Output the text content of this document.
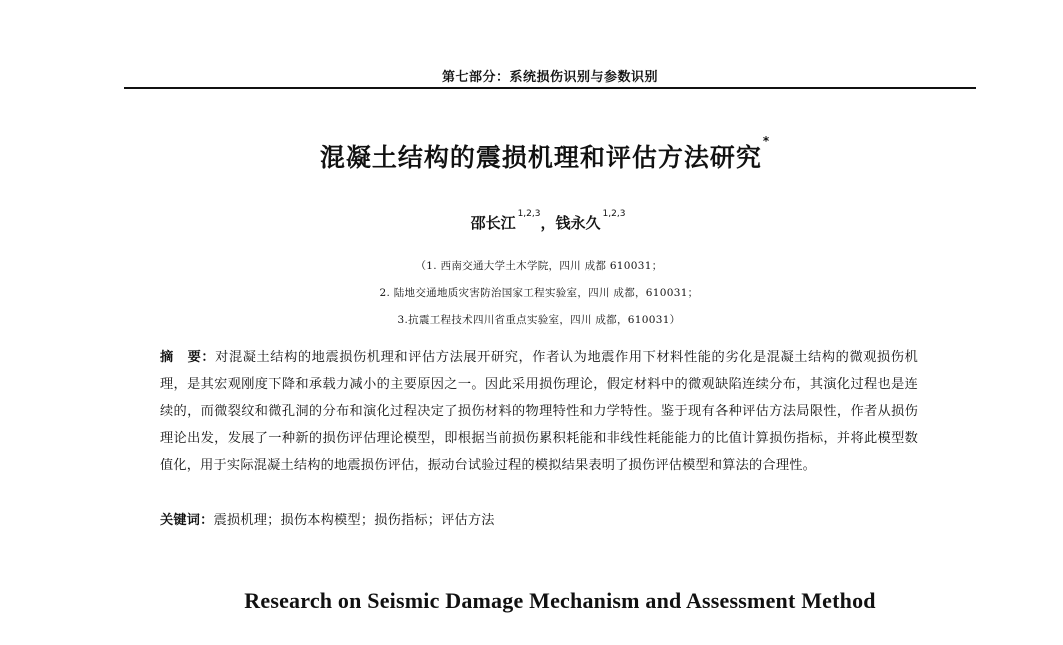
第七部分：系统损伤识别与参数识别
混凝土结构的震损机理和评估方法研究*
邵长江 $^{1,2,3}$，钱永久 $^{1,2,3}$
（1. 西南交通大学土木学院，四川 成都 610031；
2. 陆地交通地质灾害防治国家工程实验室，四川 成都，610031；
3.抗震工程技术四川省重点实验室，四川 成都，610031）
摘　要：对混凝土结构的地震损伤机理和评估方法展开研究，作者认为地震作用下材料性能的劣化是混凝土结构的微观损伤机理，是其宏观刚度下降和承载力减小的主要原因之一。因此采用损伤理论，假定材料中的微观缺陷连续分布，其演化过程也是连续的，而微裂纹和微孔洞的分布和演化过程决定了损伤材料的物理特性和力学特性。鉴于现有各种评估方法局限性，作者从损伤理论出发，发展了一种新的损伤评估理论模型，即根据当前损伤累积耗能和非线性耗能能力的比值计算损伤指标，并将此模型数值化，用于实际混凝土结构的地震损伤评估，振动台试验过程的模拟结果表明了损伤评估模型和算法的合理性。
关键词：震损机理；损伤本构模型；损伤指标；评估方法
Research on Seismic Damage Mechanism and Assessment Method
